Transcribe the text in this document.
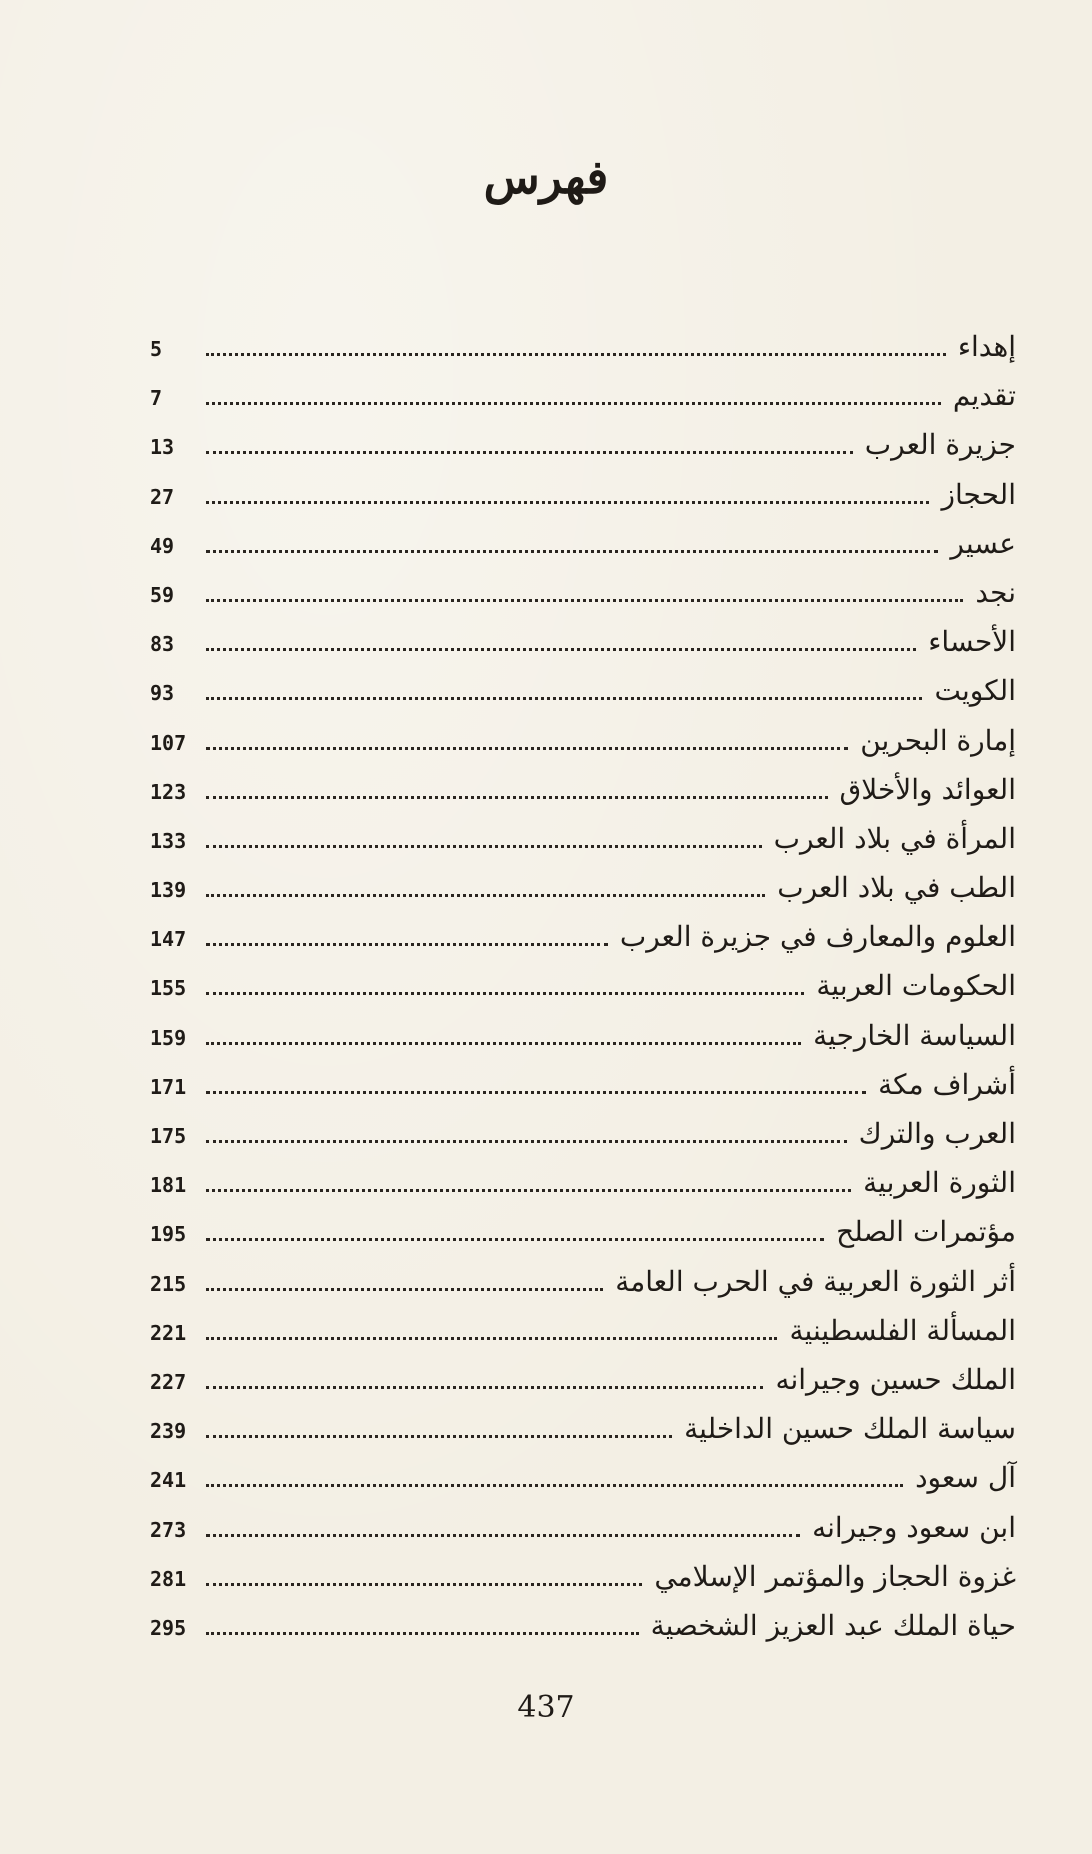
فهرس
إهداء
5
تقديم
7
جزيرة العرب
13
الحجاز
27
عسير
49
نجد
59
الأحساء
83
الكويت
93
إمارة البحرين
107
العوائد والأخلاق
123
المرأة في بلاد العرب
133
الطب في بلاد العرب
139
العلوم والمعارف في جزيرة العرب
147
الحكومات العربية
155
السياسة الخارجية
159
أشراف مكة
171
العرب والترك
175
الثورة العربية
181
مؤتمرات الصلح
195
أثر الثورة العربية في الحرب العامة
215
المسألة الفلسطينية
221
الملك حسين وجيرانه
227
سياسة الملك حسين الداخلية
239
آل سعود
241
ابن سعود وجيرانه
273
غزوة الحجاز والمؤتمر الإسلامي
281
حياة الملك عبد العزيز الشخصية
295
437
